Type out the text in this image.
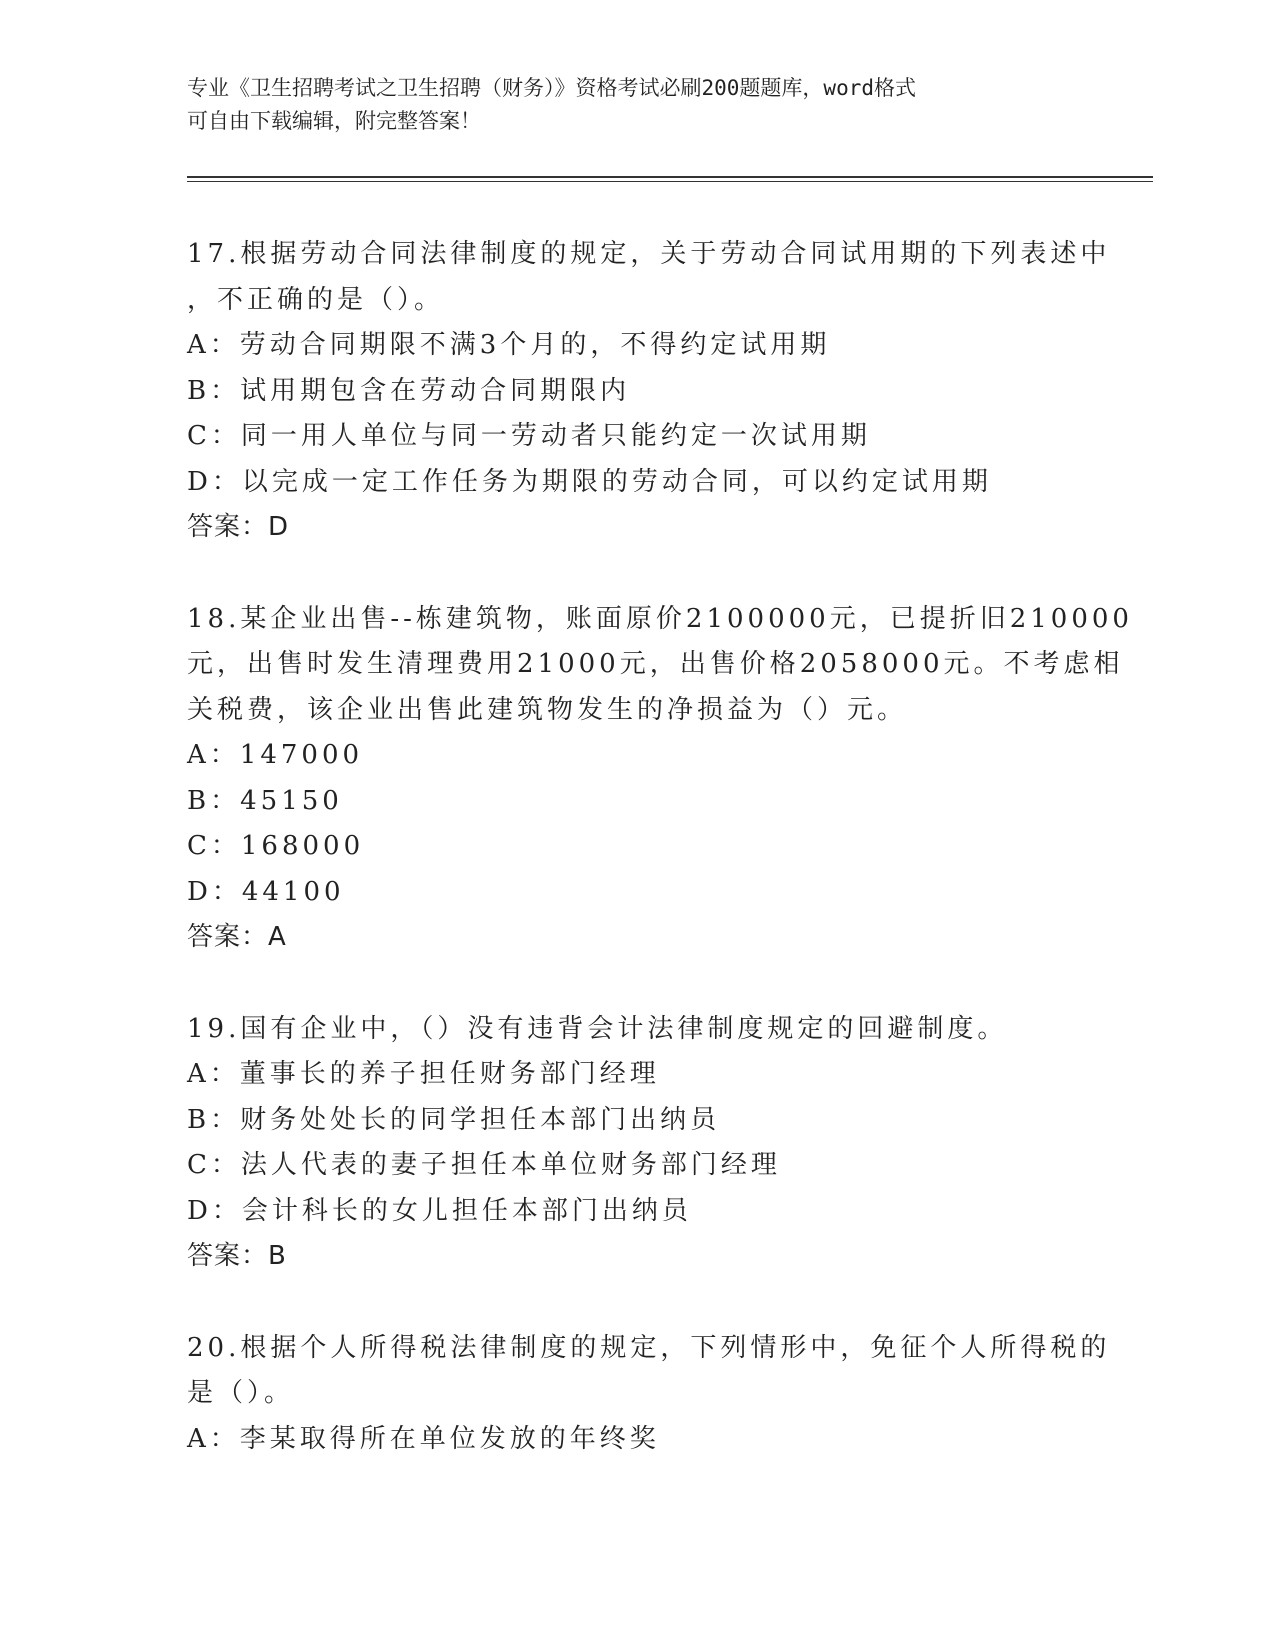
专业《卫生招聘考试之卫生招聘（财务）》资格考试必刷200题题库，word格式
可自由下载编辑，附完整答案！
17.根据劳动合同法律制度的规定，关于劳动合同试用期的下列表述中
，不正确的是（）。
A：劳动合同期限不满3个月的，不得约定试用期
B：试用期包含在劳动合同期限内
C：同一用人单位与同一劳动者只能约定一次试用期
D：以完成一定工作任务为期限的劳动合同，可以约定试用期
答案：D
18.某企业出售--栋建筑物，账面原价2100000元，已提折旧210000
元，出售时发生清理费用21000元，出售价格2058000元。不考虑相
关税费，该企业出售此建筑物发生的净损益为（）元。
A：147000
B：45150
C：168000
D：44100
答案：A
19.国有企业中，（）没有违背会计法律制度规定的回避制度。
A：董事长的养子担任财务部门经理
B：财务处处长的同学担任本部门出纳员
C：法人代表的妻子担任本单位财务部门经理
D：会计科长的女儿担任本部门出纳员
答案：B
20.根据个人所得税法律制度的规定，下列情形中，免征个人所得税的
是（）。
A：李某取得所在单位发放的年终奖
